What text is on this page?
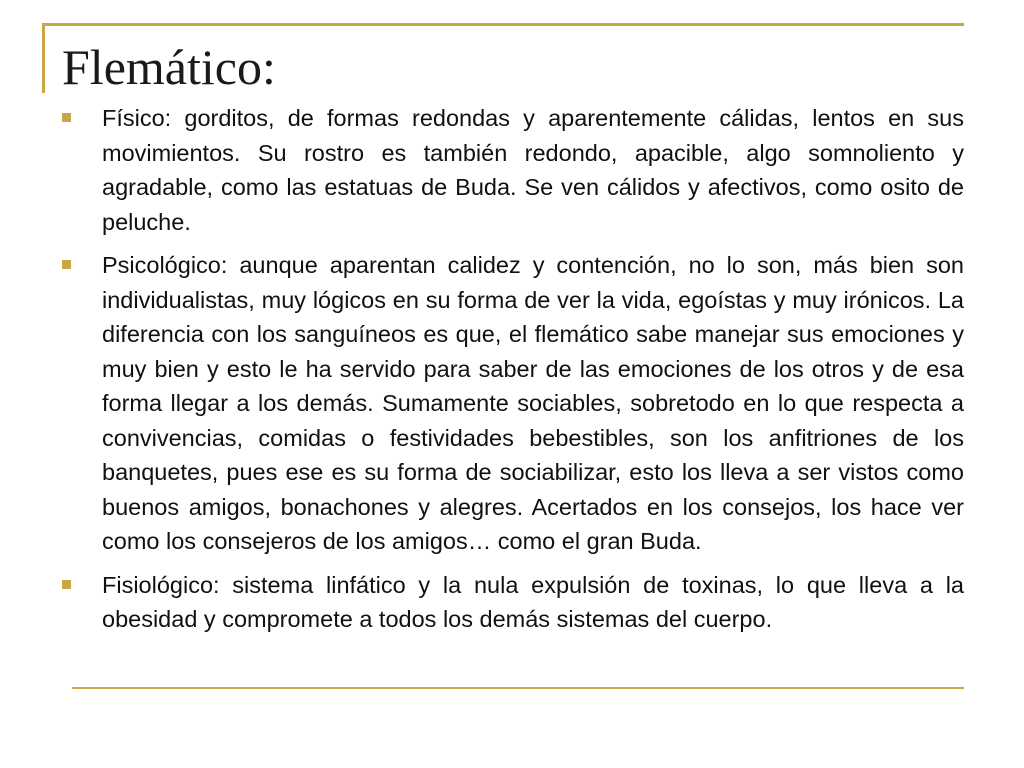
Flemático:
Físico: gorditos, de formas redondas y aparentemente cálidas, lentos en sus movimientos. Su rostro es también redondo, apacible, algo somnoliento y agradable, como las estatuas de Buda. Se ven cálidos y afectivos, como osito de peluche.
Psicológico: aunque aparentan calidez y contención, no lo son, más bien son individualistas, muy lógicos en su forma de ver la vida, egoístas y muy irónicos. La diferencia con los sanguíneos es que, el flemático sabe manejar sus emociones y muy bien y esto le ha servido para saber de las emociones de los otros y de esa forma llegar a los demás. Sumamente sociables, sobretodo en lo que respecta a convivencias, comidas o festividades bebestibles, son los anfitriones de los banquetes, pues ese es su forma de sociabilizar, esto los lleva a ser vistos como buenos amigos, bonachones y alegres. Acertados en los consejos, los hace ver como los consejeros de los amigos… como el gran Buda.
Fisiológico: sistema linfático y la nula expulsión de toxinas, lo que lleva a la obesidad y compromete a todos los demás sistemas del cuerpo.
